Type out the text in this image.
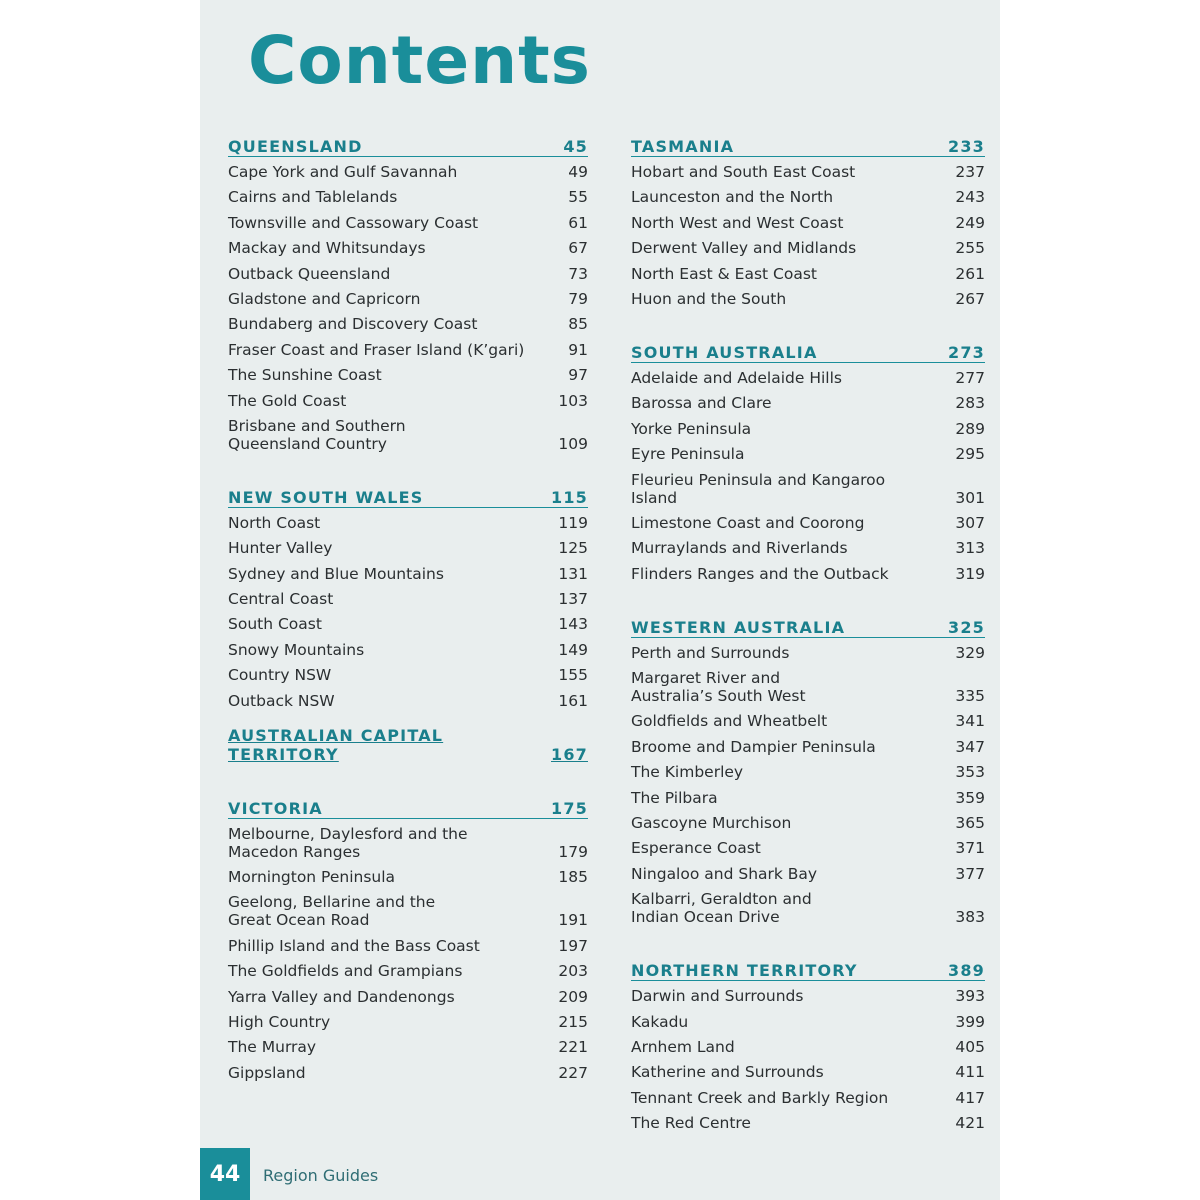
Contents
QUEENSLAND	45
Cape York and Gulf Savannah	49
Cairns and Tablelands	55
Townsville and Cassowary Coast	61
Mackay and Whitsundays	67
Outback Queensland	73
Gladstone and Capricorn	79
Bundaberg and Discovery Coast	85
Fraser Coast and Fraser Island (K’gari)	91
The Sunshine Coast	97
The Gold Coast	103
Brisbane and Southern
Queensland Country	109
NEW SOUTH WALES	115
North Coast	119
Hunter Valley	125
Sydney and Blue Mountains	131
Central Coast	137
South Coast	143
Snowy Mountains	149
Country NSW	155
Outback NSW	161
AUSTRALIAN CAPITAL TERRITORY	167
VICTORIA	175
Melbourne, Daylesford and the
Macedon Ranges	179
Mornington Peninsula	185
Geelong, Bellarine and the
Great Ocean Road	191
Phillip Island and the Bass Coast	197
The Goldfields and Grampians	203
Yarra Valley and Dandenongs	209
High Country	215
The Murray	221
Gippsland	227
TASMANIA	233
Hobart and South East Coast	237
Launceston and the North	243
North West and West Coast	249
Derwent Valley and Midlands	255
North East & East Coast	261
Huon and the South	267
SOUTH AUSTRALIA	273
Adelaide and Adelaide Hills	277
Barossa and Clare	283
Yorke Peninsula	289
Eyre Peninsula	295
Fleurieu Peninsula and Kangaroo Island	301
Limestone Coast and Coorong	307
Murraylands and Riverlands	313
Flinders Ranges and the Outback	319
WESTERN AUSTRALIA	325
Perth and Surrounds	329
Margaret River and
Australia’s South West	335
Goldfields and Wheatbelt	341
Broome and Dampier Peninsula	347
The Kimberley	353
The Pilbara	359
Gascoyne Murchison	365
Esperance Coast	371
Ningaloo and Shark Bay	377
Kalbarri, Geraldton and
Indian Ocean Drive	383
NORTHERN TERRITORY	389
Darwin and Surrounds	393
Kakadu	399
Arnhem Land	405
Katherine and Surrounds	411
Tennant Creek and Barkly Region	417
The Red Centre	421
44	Region Guides
